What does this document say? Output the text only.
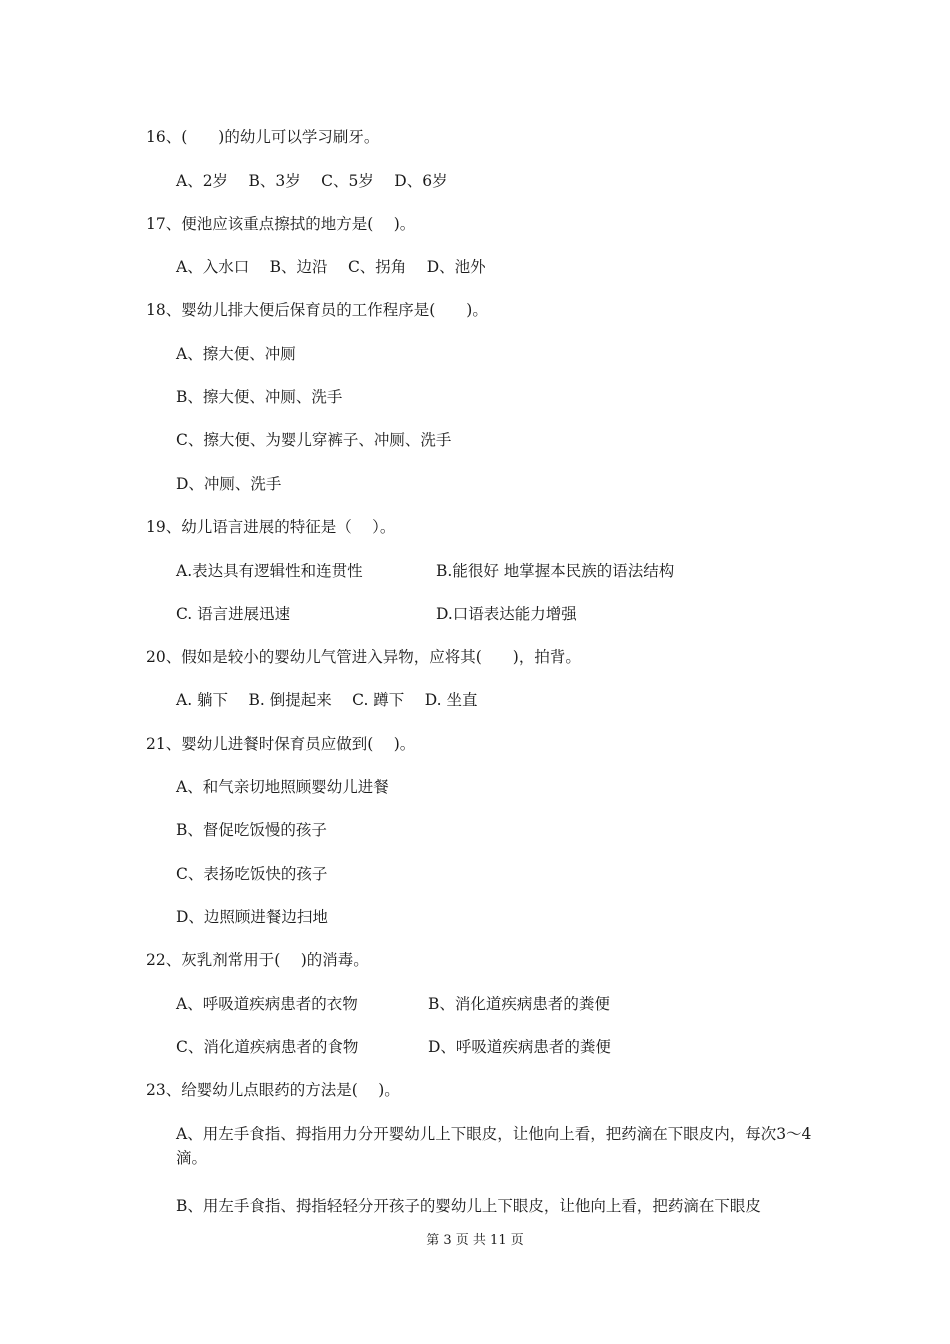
16、(　　)的幼儿可以学习刷牙。
A、2岁　 B、3岁　 C、5岁　 D、6岁
17、便池应该重点擦拭的地方是(　 )。
A、入水口　 B、边沿　 C、拐角　 D、池外
18、婴幼儿排大便后保育员的工作程序是(　　)。
A、擦大便、冲厕
B、擦大便、冲厕、洗手
C、擦大便、为婴儿穿裤子、冲厕、洗手
D、冲厕、洗手
19、幼儿语言进展的特征是（　 ）。
A.表达具有逻辑性和连贯性	B.能很好 地掌握本民族的语法结构
C. 语言进展迅速	D.口语表达能力增强
20、假如是较小的婴幼儿气管进入异物，应将其(　　)，拍背。
A. 躺下　 B. 倒提起来　 C. 蹲下　 D. 坐直
21、婴幼儿进餐时保育员应做到(　 )。
A、和气亲切地照顾婴幼儿进餐
B、督促吃饭慢的孩子
C、表扬吃饭快的孩子
D、边照顾进餐边扫地
22、灰乳剂常用于(　 )的消毒。
A、呼吸道疾病患者的衣物	B、消化道疾病患者的粪便
C、消化道疾病患者的食物	D、呼吸道疾病患者的粪便
23、给婴幼儿点眼药的方法是(　 )。
A、用左手食指、拇指用力分开婴幼儿上下眼皮，让他向上看，把药滴在下眼皮内，每次3～4滴。
B、用左手食指、拇指轻轻分开孩子的婴幼儿上下眼皮，让他向上看，把药滴在下眼皮
第 3 页 共 11 页
